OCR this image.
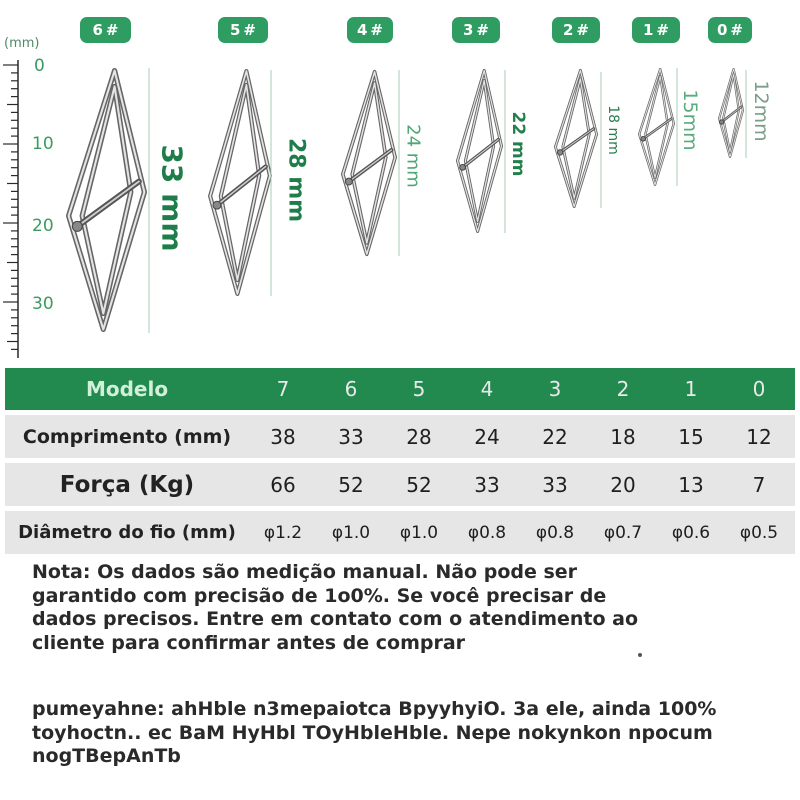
(mm)
0
10
20
30
33 mm	28 mm	24 mm	22 mm	18 mm	15mm	12mm
6#	5#	4#	3#	2#	1#	0#
Modelo	7	6	5	4	3	2	1	0
Comprimento (mm)	38	33	28	24	22	18	15	12
Força (Kg)	66	52	52	33	33	20	13	7
Diâmetro do fio (mm)	φ1.2	φ1.0	φ1.0	φ0.8	φ0.8	φ0.7	φ0.6	φ0.5
Nota: Os dados são medição manual. Não pode ser
garantido com precisão de 1o0%. Se você precisar de
dados precisos. Entre em contato com o atendimento ao
cliente para confirmar antes de comprar
pumeyahne: ahHble n3mepaiotca BpyyhyiO. 3a ele, ainda 100%
toyhoctn.. ec BaM HyHbl TOyHbleHble. Nepe nokynkon npocum
nogTBepAnTb
